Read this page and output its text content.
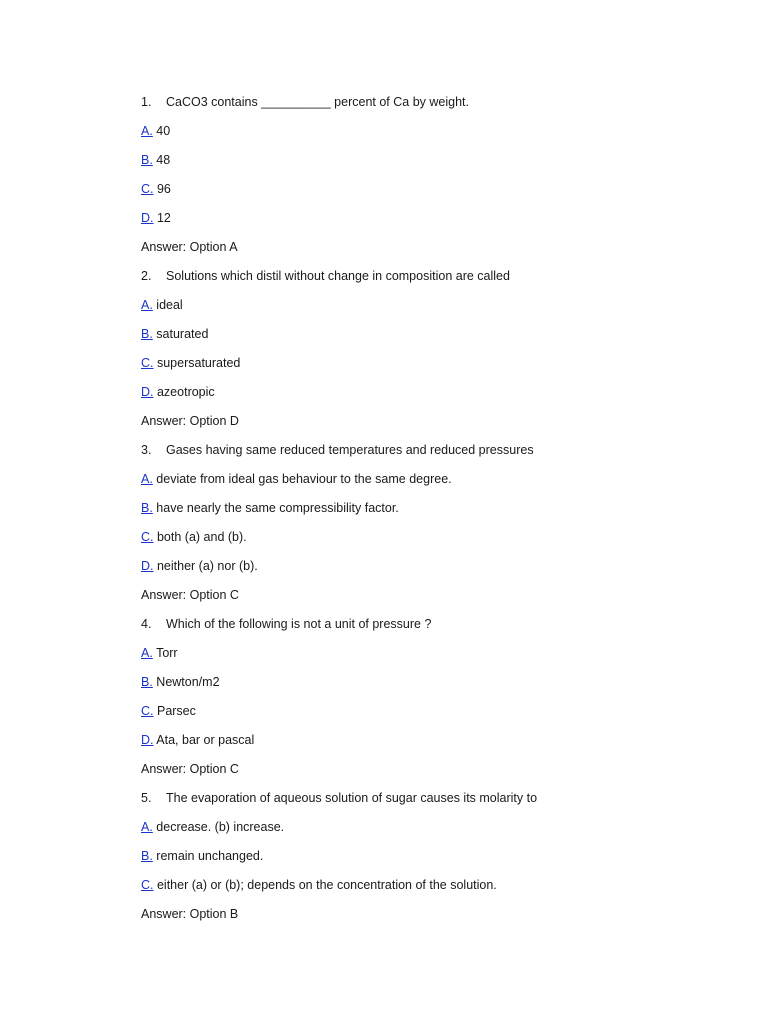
1. CaCO3 contains __________ percent of Ca by weight.
A. 40
B. 48
C. 96
D. 12
Answer: Option A
2. Solutions which distil without change in composition are called
A. ideal
B. saturated
C. supersaturated
D. azeotropic
Answer: Option D
3. Gases having same reduced temperatures and reduced pressures
A. deviate from ideal gas behaviour to the same degree.
B. have nearly the same compressibility factor.
C. both (a) and (b).
D. neither (a) nor (b).
Answer: Option C
4. Which of the following is not a unit of pressure ?
A. Torr
B. Newton/m2
C. Parsec
D. Ata, bar or pascal
Answer: Option C
5. The evaporation of aqueous solution of sugar causes its molarity to
A. decrease. (b) increase.
B. remain unchanged.
C. either (a) or (b); depends on the concentration of the solution.
Answer: Option B
